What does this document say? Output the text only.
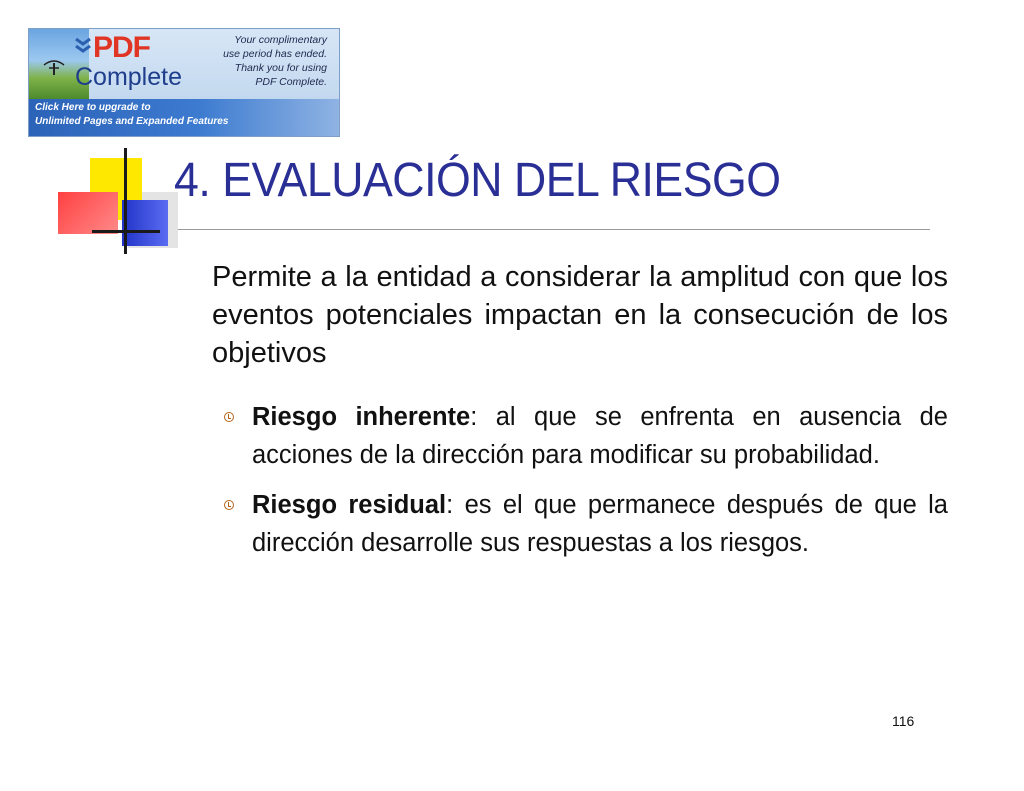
PDF
Complete
Your complimentary
use period has ended.
Thank you for using
PDF Complete.
Click Here to upgrade to
Unlimited Pages and Expanded Features
4. EVALUACIÓN DEL RIESGO

Permite a la entidad a considerar la amplitud con que los eventos potenciales impactan en la consecución de los objetivos

Riesgo inherente: al que se enfrenta en ausencia de acciones de la dirección para modificar su probabilidad.

Riesgo residual: es el que permanece después de que la dirección desarrolle sus respuestas a los riesgos.

116
